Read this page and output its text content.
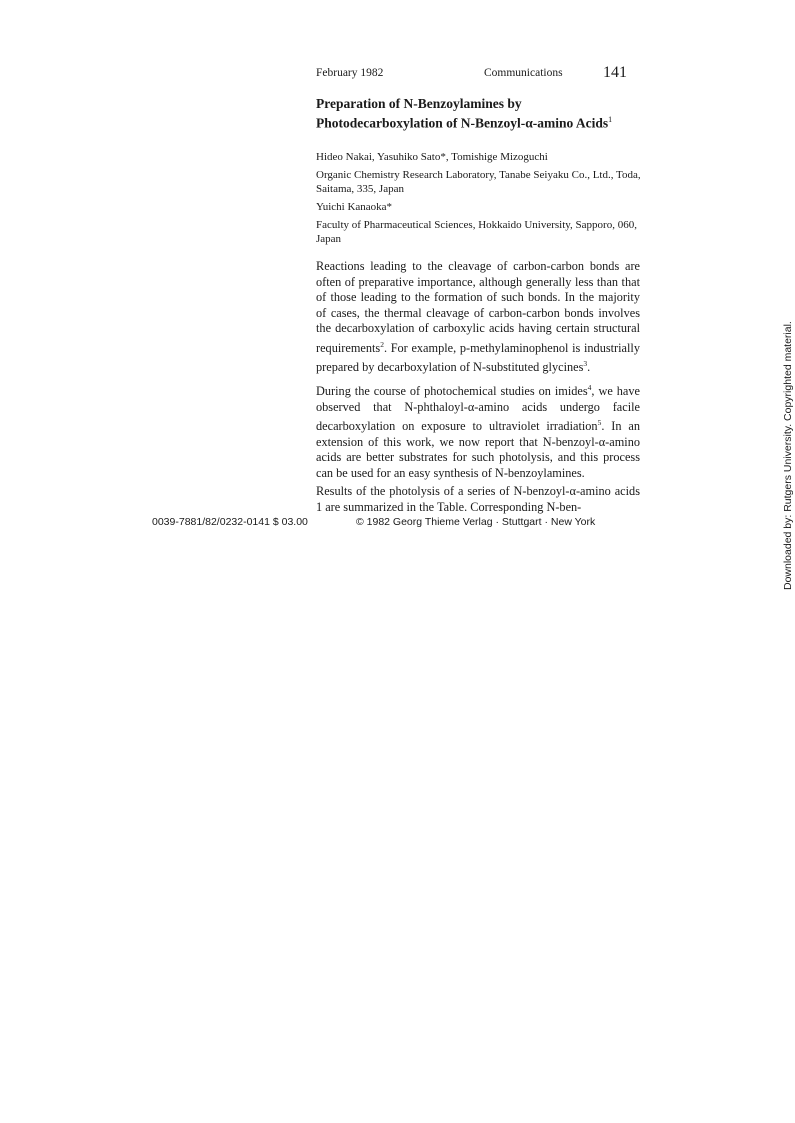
February 1982	Communications	141
Preparation of N-Benzoylamines by
Photodecarboxylation of N-Benzoyl-α-amino Acids$^1$
Hideo Nakai, Yasuhiko Sato*, Tomishige Mizoguchi
Organic Chemistry Research Laboratory, Tanabe Seiyaku Co., Ltd., Toda, Saitama, 335, Japan
Yuichi Kanaoka*
Faculty of Pharmaceutical Sciences, Hokkaido University, Sapporo, 060, Japan
Reactions leading to the cleavage of carbon-carbon bonds are often of preparative importance, although generally less than that of those leading to the formation of such bonds. In the majority of cases, the thermal cleavage of carbon-carbon bonds involves the decarboxylation of carboxylic acids having certain structural requirements$^2$. For example, p-methylaminophenol is industrially prepared by decarboxylation of N-substituted glycines$^3$.
During the course of photochemical studies on imides$^4$, we have observed that N-phthaloyl-α-amino acids undergo facile decarboxylation on exposure to ultraviolet irradiation$^5$. In an extension of this work, we now report that N-benzoyl-α-amino acids are better substrates for such photolysis, and this process can be used for an easy synthesis of N-benzoylamines.
Results of the photolysis of a series of N-benzoyl-α-amino acids 1 are summarized in the Table. Corresponding N-ben-
0039-7881/82/0232-0141 $ 03.00	© 1982 Georg Thieme Verlag · Stuttgart · New York	Downloaded by: Rutgers University. Copyrighted material.
